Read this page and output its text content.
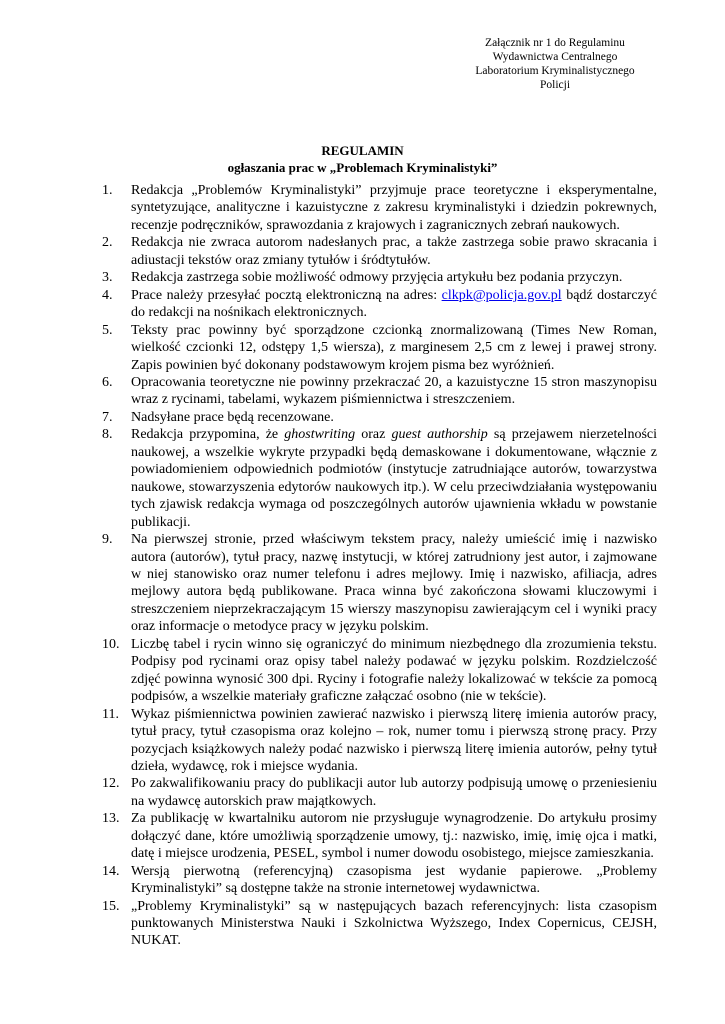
Załącznik nr 1 do Regulaminu
Wydawnictwa Centralnego
Laboratorium Kryminalistycznego
Policji
REGULAMIN
ogłaszania prac w „Problemach Kryminalistyki”
1.	Redakcja „Problemów Kryminalistyki” przyjmuje prace teoretyczne i eksperymentalne, syntetyzujące, analityczne i kazuistyczne z zakresu kryminalistyki i dziedzin pokrewnych, recenzje podręczników, sprawozdania z krajowych i zagranicznych zebrań naukowych.
2.	Redakcja nie zwraca autorom nadesłanych prac, a także zastrzega sobie prawo skracania i adiustacji tekstów oraz zmiany tytułów i śródtytułów.
3.	Redakcja zastrzega sobie możliwość odmowy przyjęcia artykułu bez podania przyczyn.
4.	Prace należy przesyłać pocztą elektroniczną na adres: clkpk@policja.gov.pl bądź dostarczyć do redakcji na nośnikach elektronicznych.
5.	Teksty prac powinny być sporządzone czcionką znormalizowaną (Times New Roman, wielkość czcionki 12, odstępy 1,5 wiersza), z marginesem 2,5 cm z lewej i prawej strony. Zapis powinien być dokonany podstawowym krojem pisma bez wyróżnień.
6.	Opracowania teoretyczne nie powinny przekraczać 20, a kazuistyczne 15 stron maszynopisu wraz z rycinami, tabelami, wykazem piśmiennictwa i streszczeniem.
7.	Nadsyłane prace będą recenzowane.
8.	Redakcja przypomina, że ghostwriting oraz guest authorship są przejawem nierzetelności naukowej, a wszelkie wykryte przypadki będą demaskowane i dokumentowane, włącznie z powiadomieniem odpowiednich podmiotów (instytucje zatrudniające autorów, towarzystwa naukowe, stowarzyszenia edytorów naukowych itp.). W celu przeciwdziałania występowaniu tych zjawisk redakcja wymaga od poszczególnych autorów ujawnienia wkładu w powstanie publikacji.
9.	Na pierwszej stronie, przed właściwym tekstem pracy, należy umieścić imię i nazwisko autora (autorów), tytuł pracy, nazwę instytucji, w której zatrudniony jest autor, i zajmowane w niej stanowisko oraz numer telefonu i adres mejlowy. Imię i nazwisko, afiliacja, adres mejlowy autora będą publikowane. Praca winna być zakończona słowami kluczowymi i streszczeniem nieprzekraczającym 15 wierszy maszynopisu zawierającym cel i wyniki pracy oraz informacje o metodyce pracy w języku polskim.
10. Liczbę tabel i rycin winno się ograniczyć do minimum niezbędnego dla zrozumienia tekstu. Podpisy pod rycinami oraz opisy tabel należy podawać w języku polskim. Rozdzielczość zdjęć powinna wynosić 300 dpi. Ryciny i fotografie należy lokalizować w tekście za pomocą podpisów, a wszelkie materiały graficzne załączać osobno (nie w tekście).
11. Wykaz piśmiennictwa powinien zawierać nazwisko i pierwszą literę imienia autorów pracy, tytuł pracy, tytuł czasopisma oraz kolejno – rok, numer tomu i pierwszą stronę pracy. Przy pozycjach książkowych należy podać nazwisko i pierwszą literę imienia autorów, pełny tytuł dzieła, wydawcę, rok i miejsce wydania.
12. Po zakwalifikowaniu pracy do publikacji autor lub autorzy podpisują umowę o przeniesieniu na wydawcę autorskich praw majątkowych.
13. Za publikację w kwartalniku autorom nie przysługuje wynagrodzenie. Do artykułu prosimy dołączyć dane, które umożliwią sporządzenie umowy, tj.: nazwisko, imię, imię ojca i matki, datę i miejsce urodzenia, PESEL, symbol i numer dowodu osobistego, miejsce zamieszkania.
14. Wersją pierwotną (referencyjną) czasopisma jest wydanie papierowe. „Problemy Kryminalistyki” są dostępne także na stronie internetowej wydawnictwa.
15. „Problemy Kryminalistyki” są w następujących bazach referencyjnych: lista czasopism punktowanych Ministerstwa Nauki i Szkolnictwa Wyższego, Index Copernicus, CEJSH, NUKAT.
